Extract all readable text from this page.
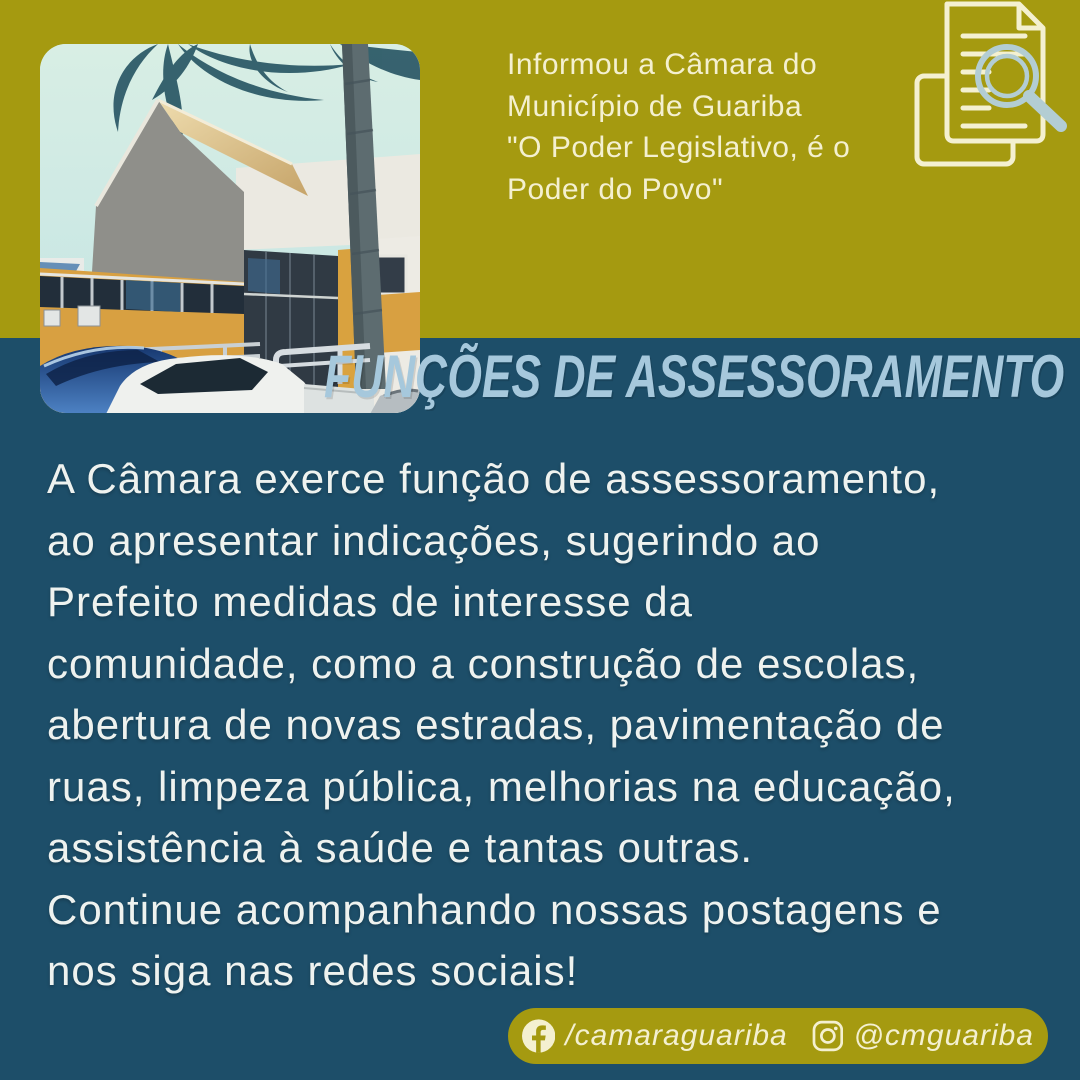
Informou a Câmara do
Município de Guariba
"O Poder Legislativo, é o
Poder do Povo"
FUNÇÕES DE ASSESSORAMENTO
A Câmara exerce função de assessoramento,
ao apresentar indicações, sugerindo ao
Prefeito medidas de interesse da
comunidade, como a construção de escolas,
abertura de novas estradas, pavimentação de
ruas, limpeza pública, melhorias na educação,
assistência à saúde e tantas outras.
Continue acompanhando nossas postagens e
nos siga nas redes sociais!
/camaraguariba @cmguariba
